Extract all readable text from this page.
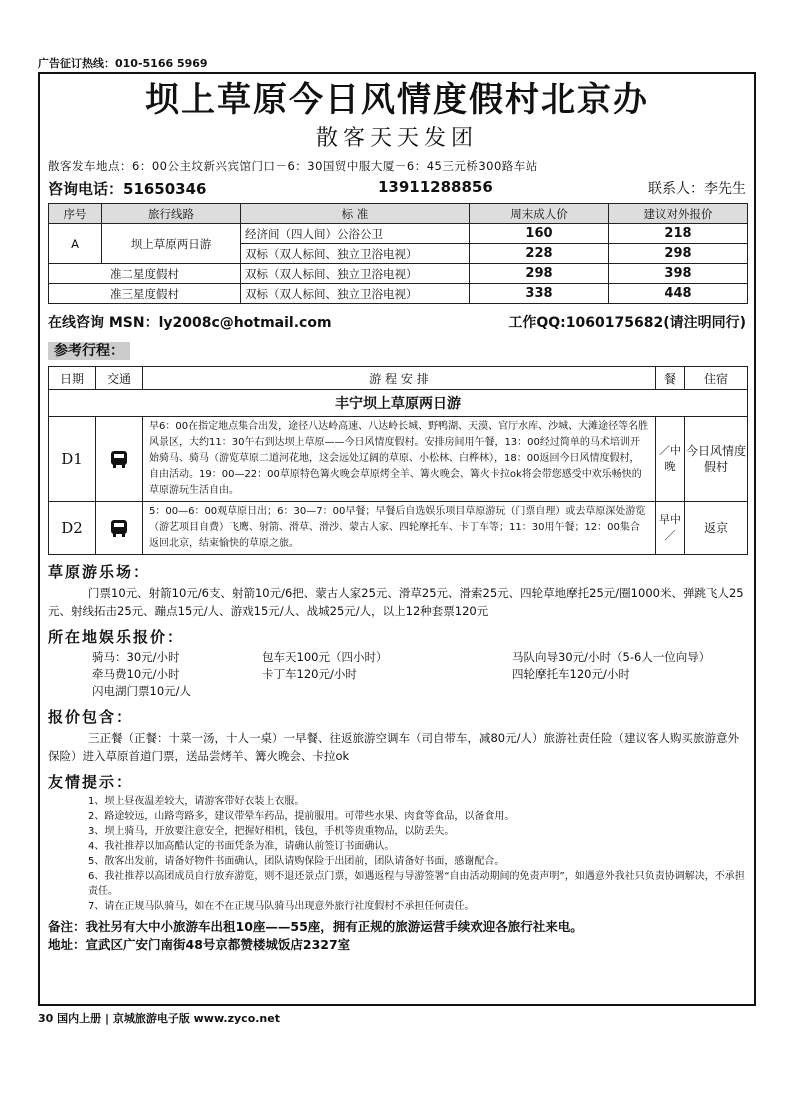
广告征订热线：010-5166 5969
坝上草原今日风情度假村北京办
散客天天发团
散客发车地点：6：00公主坟新兴宾馆门口－6：30国贸中服大厦－6：45三元桥300路车站
咨询电话：51650346	13911288856	联系人：李先生
序号	旅行线路	标 准	周末成人价	建议对外报价
A	坝上草原两日游	经济间（四人间）公浴公卫	160	218
		双标（双人标间、独立卫浴电视）	228	298
准二星度假村		双标（双人标间、独立卫浴电视）	298	398
准三星度假村		双标（双人标间、独立卫浴电视）	338	448
在线咨询 MSN：ly2008c@hotmail.com	工作QQ:1060175682(请注明同行)
参考行程：
日期	交通	游 程 安 排	餐	住宿
丰宁坝上草原两日游				
D1		早6：00在指定地点集合出发，途径八达岭高速、八达岭长城、野鸭湖、天漠、官厅水库、沙城、大滩途径等名胜风景区，大约11：30午右到达坝上草原——今日风情度假村。安排房间用午餐，13：00经过简单的马术培训开始骑马、骑马（游览草原二道河花地，这会远处辽阔的草原、小松林、白桦林），18：00返回今日风情度假村，自由活动。19：00—22：00草原特色篝火晚会草原烤全羊、篝火晚会、篝火卡拉ok将会带您感受中欢乐畅快的草原游玩生活自由。	／中晚	今日风情度假村
D2		5：00—6：00观草原日出；6：30—7：00早餐；早餐后自选娱乐项目草原游玩（门票自理）或去草原深处游览（游艺项目自费）飞鹰、射箭、滑草、滑沙、蒙古人家、四轮摩托车、卡丁车等；11：30用午餐；12：00集合返回北京，结束愉快的草原之旅。	早中／	返京
草原游乐场：
门票10元、射箭10元/6支、射箭10元/6把、蒙古人家25元、滑草25元、滑索25元、四轮草地摩托25元/圈1000米、弹跳飞人25元、射线拓击25元、蹦点15元/人、游戏15元/人、战城25元/人，以上12种套票120元
所在地娱乐报价：
骑马：30元/小时	包车天100元（四小时）	马队向导30元/小时（5-6人一位向导）
牵马费10元/小时	卡丁车120元/小时	四轮摩托车120元/小时
闪电湖门票10元/人
报价包含：
三正餐（正餐：十菜一汤，十人一桌）一早餐、往返旅游空调车（司自带车，减80元/人）旅游社责任险（建议客人购买旅游意外保险）进入草原首道门票，送品尝烤羊、篝火晚会、卡拉ok
友情提示：
1、坝上昼夜温差较大，请游客带好衣装上衣服。
2、路途较远，山路弯路多，建议带晕车药品，提前服用。可带些水果、肉食等食品，以备食用。
3、坝上骑马，开放要注意安全，把握好相机，钱包，手机等贵重物品，以防丢失。
4、我社推荐以加高酷认定的书面凭条为准，请确认前签订书面确认。
5、散客出发前，请备好物件书面确认，团队请购保险于出团前，团队请备好书面，感谢配合。
6、我社推荐以高团成员自行放弃游览，则不退还景点门票，如遇返程与导游签署“自由活动期间的免责声明”，如遇意外我社只负责协调解决，不承担责任。
7、请在正规马队骑马，如在不在正规马队骑马出现意外旅行社度假村不承担任何责任。
备注：我社另有大中小旅游车出租10座——55座，拥有正规的旅游运营手续欢迎各旅行社来电。
地址：宣武区广安门南街48号京都赞楼城饭店2327室
30 国内上册 | 京城旅游电子版 www.zyco.net
